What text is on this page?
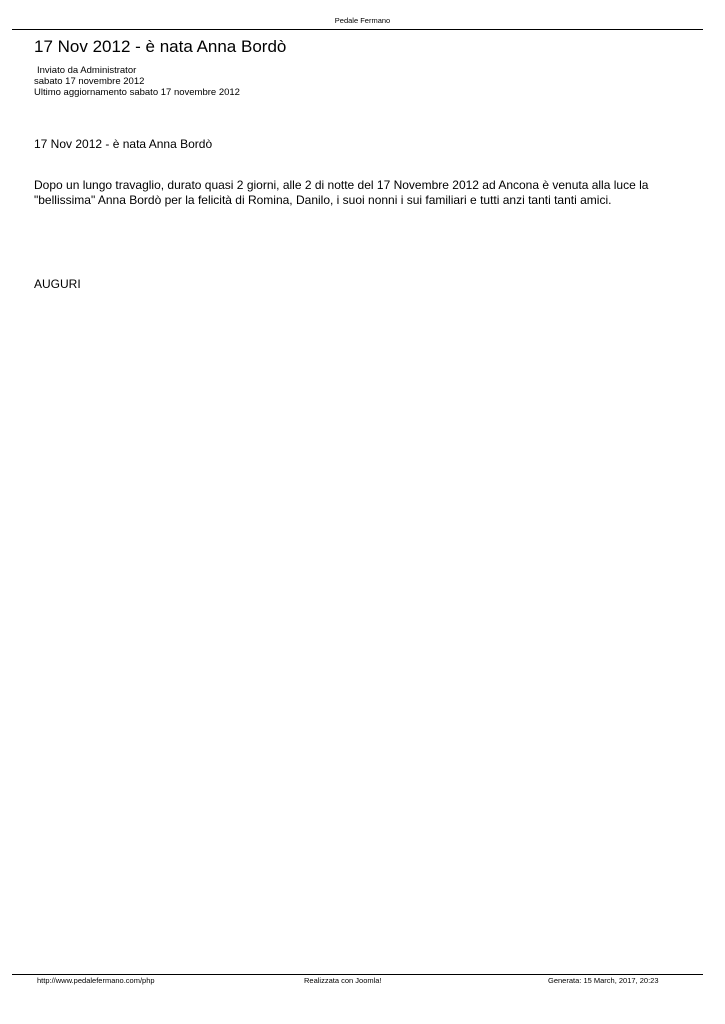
Pedale Fermano
17 Nov 2012 - è nata Anna Bordò
Inviato da Administrator
sabato 17 novembre 2012
Ultimo aggiornamento sabato 17 novembre 2012
17 Nov 2012 - è nata Anna Bordò
Dopo un lungo travaglio, durato quasi 2 giorni, alle 2 di notte del 17 Novembre 2012 ad Ancona è venuta alla luce la "bellissima" Anna Bordò per la felicità di Romina, Danilo, i suoi nonni i sui familiari e tutti anzi tanti tanti amici.
AUGURI
http://www.pedalefermano.com/php	Realizzata con Joomla!	Generata: 15 March, 2017, 20:23
